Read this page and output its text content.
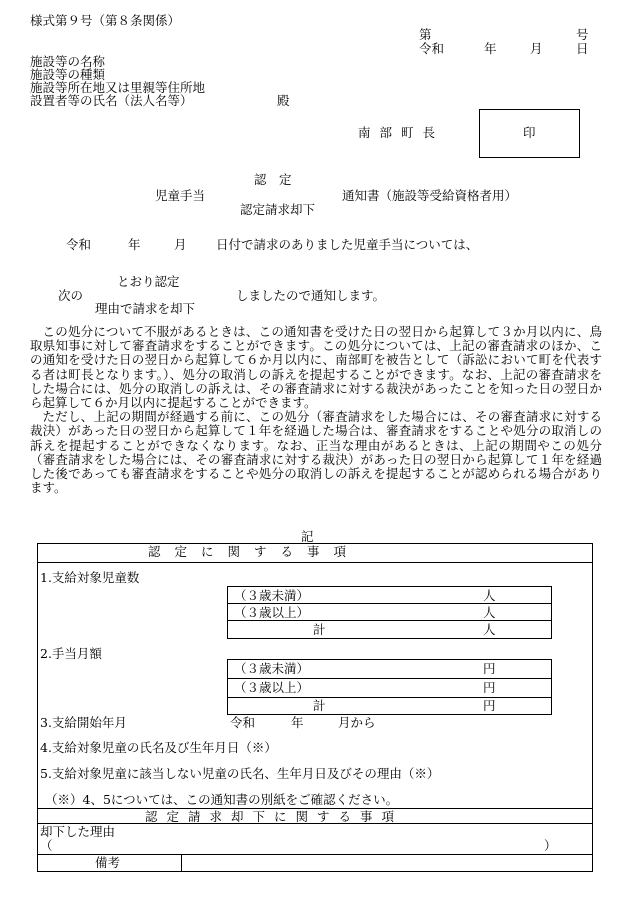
様式第９号（第８条関係）
第	号
令和	年	月	日
施設等の名称
施設等の種類
施設等所在地又は里親等住所地
設置者等の氏名（法人名等）	殿
南部町長	印
認　定
児童手当	通知書（施設等受給資格者用）
認定請求却下
令和	年	月 日付で請求のありました児童手当については、
とおり認定
次の	しましたので通知します。
理由で請求を却下

この処分について不服があるときは、この通知書を受けた日の翌日から起算して３か月以内に、鳥取県知事に対して審査請求をすることができます。この処分については、上記の審査請求のほか、この通知を受けた日の翌日から起算して６か月以内に、南部町を被告として（訴訟において町を代表する者は町長となります。）、処分の取消しの訴えを提起することができます。なお、上記の審査請求をした場合には、処分の取消しの訴えは、その審査請求に対する裁決があったことを知った日の翌日から起算して６か月以内に提起することができます。

ただし、上記の期間が経過する前に、この処分（審査請求をした場合には、その審査請求に対する裁決）があった日の翌日から起算して１年を経過した場合は、審査請求をすることや処分の取消しの訴えを提起することができなくなります。なお、正当な理由があるときは、上記の期間やこの処分（審査請求をした場合には、その審査請求に対する裁決）があった日の翌日から起算して１年を経過した後であっても審査請求をすることや処分の取消しの訴えを提起することが認められる場合があります。

記
認定に関する事項
1.支給対象児童数
（３歳未満）	人
（３歳以上）	人
計	人
2.手当月額
（３歳未満）	円
（３歳以上）	円
計	円
3.支給開始年月	令和	年	月から
4.支給対象児童の氏名及び生年月日（※）
5.支給対象児童に該当しない児童の氏名、生年月日及びその理由（※）
（※）4、5については、この通知書の別紙をご確認ください。
認定請求却下に関する事項
却下した理由
（	）
備考
